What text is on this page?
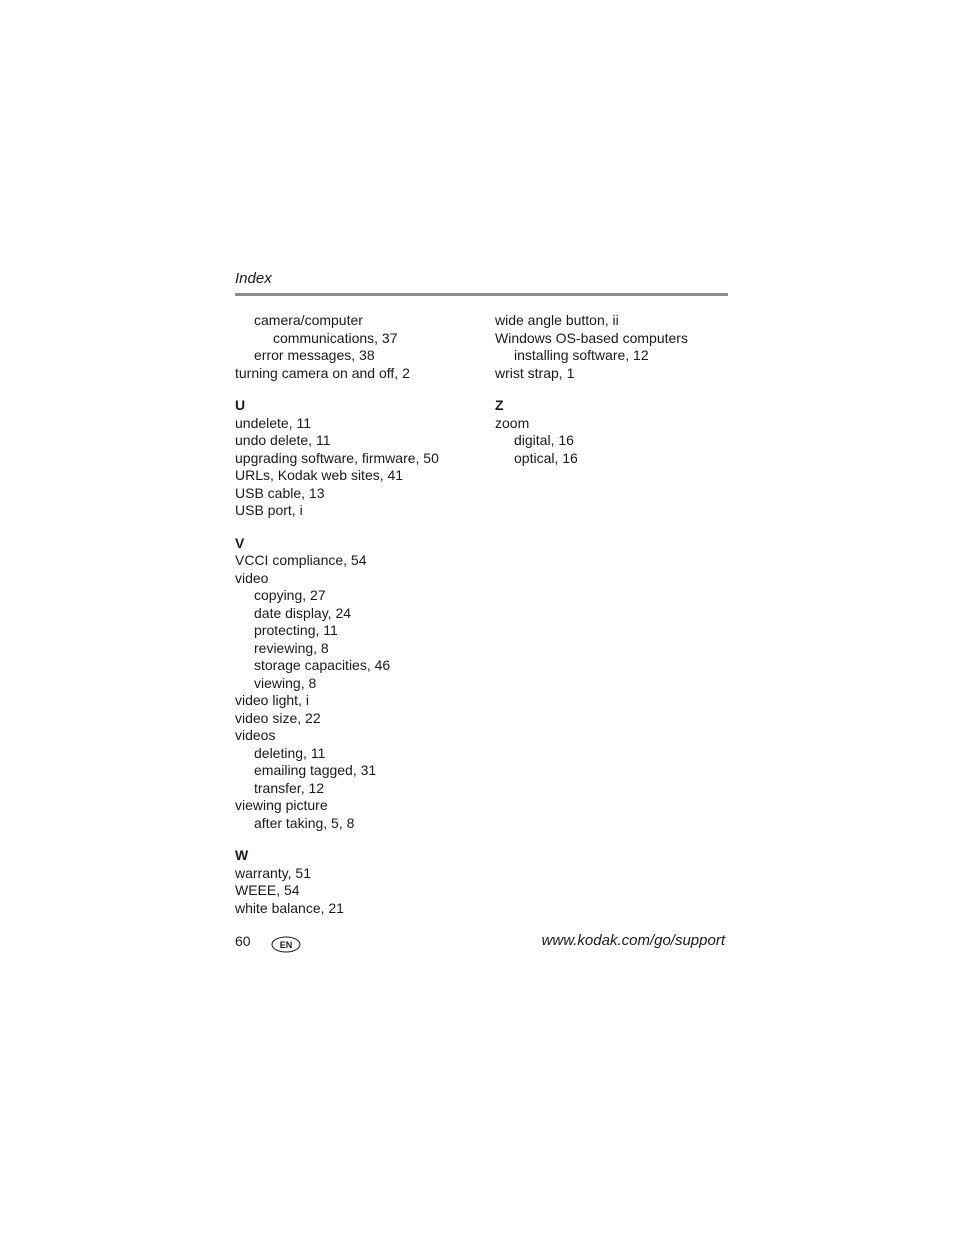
Index
camera/computer
communications, 37
error messages, 38
turning camera on and off, 2
U
undelete, 11
undo delete, 11
upgrading software, firmware, 50
URLs, Kodak web sites, 41
USB cable, 13
USB port, i
V
VCCI compliance, 54
video
copying, 27
date display, 24
protecting, 11
reviewing, 8
storage capacities, 46
viewing, 8
video light, i
video size, 22
videos
deleting, 11
emailing tagged, 31
transfer, 12
viewing picture
after taking, 5, 8
W
warranty, 51
WEEE, 54
white balance, 21
wide angle button, ii
Windows OS-based computers
installing software, 12
wrist strap, 1
Z
zoom
digital, 16
optical, 16
60	EN	www.kodak.com/go/support
